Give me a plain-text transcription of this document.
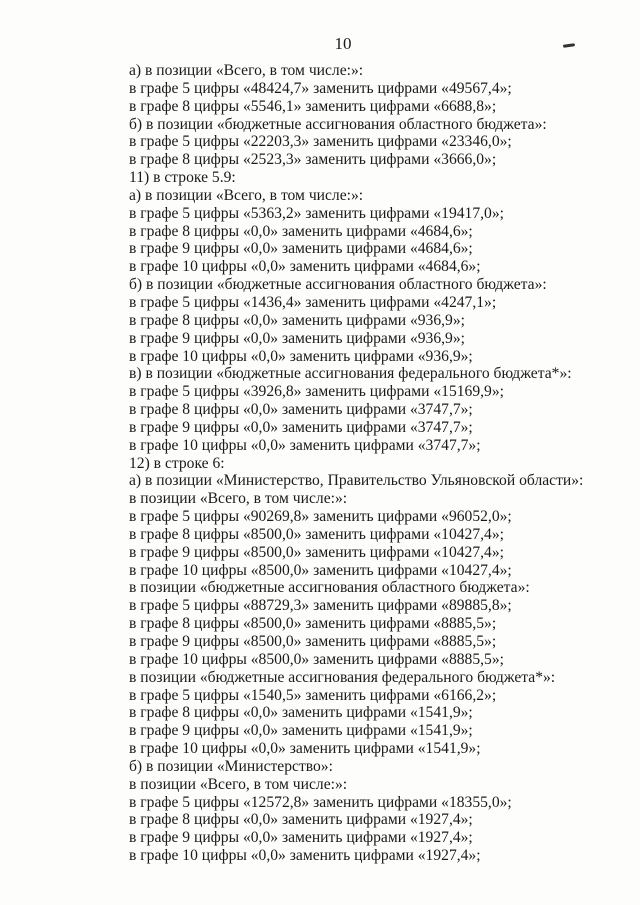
10
а) в позиции «Всего, в том числе:»:
в графе 5 цифры «48424,7» заменить цифрами «49567,4»;
в графе 8 цифры «5546,1» заменить цифрами «6688,8»;
б) в позиции «бюджетные ассигнования областного бюджета»:
в графе 5 цифры «22203,3» заменить цифрами «23346,0»;
в графе 8 цифры «2523,3» заменить цифрами «3666,0»;
11) в строке 5.9:
а) в позиции «Всего, в том числе:»:
в графе 5 цифры «5363,2» заменить цифрами «19417,0»;
в графе 8 цифры «0,0» заменить цифрами «4684,6»;
в графе 9 цифры «0,0» заменить цифрами «4684,6»;
в графе 10 цифры «0,0» заменить цифрами «4684,6»;
б) в позиции «бюджетные ассигнования областного бюджета»:
в графе 5 цифры «1436,4» заменить цифрами «4247,1»;
в графе 8 цифры «0,0» заменить цифрами «936,9»;
в графе 9 цифры «0,0» заменить цифрами «936,9»;
в графе 10 цифры «0,0» заменить цифрами «936,9»;
в) в позиции «бюджетные ассигнования федерального бюджета*»:
в графе 5 цифры «3926,8» заменить цифрами «15169,9»;
в графе 8 цифры «0,0» заменить цифрами «3747,7»;
в графе 9 цифры «0,0» заменить цифрами «3747,7»;
в графе 10 цифры «0,0» заменить цифрами «3747,7»;
12) в строке 6:
а) в позиции «Министерство, Правительство Ульяновской области»:
в позиции «Всего, в том числе:»:
в графе 5 цифры «90269,8» заменить цифрами «96052,0»;
в графе 8 цифры «8500,0» заменить цифрами «10427,4»;
в графе 9 цифры «8500,0» заменить цифрами «10427,4»;
в графе 10 цифры «8500,0» заменить цифрами «10427,4»;
в позиции «бюджетные ассигнования областного бюджета»:
в графе 5 цифры «88729,3» заменить цифрами «89885,8»;
в графе 8 цифры «8500,0» заменить цифрами «8885,5»;
в графе 9 цифры «8500,0» заменить цифрами «8885,5»;
в графе 10 цифры «8500,0» заменить цифрами «8885,5»;
в позиции «бюджетные ассигнования федерального бюджета*»:
в графе 5 цифры «1540,5» заменить цифрами «6166,2»;
в графе 8 цифры «0,0» заменить цифрами «1541,9»;
в графе 9 цифры «0,0» заменить цифрами «1541,9»;
в графе 10 цифры «0,0» заменить цифрами «1541,9»;
б) в позиции «Министерство»:
в позиции «Всего, в том числе:»:
в графе 5 цифры «12572,8» заменить цифрами «18355,0»;
в графе 8 цифры «0,0» заменить цифрами «1927,4»;
в графе 9 цифры «0,0» заменить цифрами «1927,4»;
в графе 10 цифры «0,0» заменить цифрами «1927,4»;
